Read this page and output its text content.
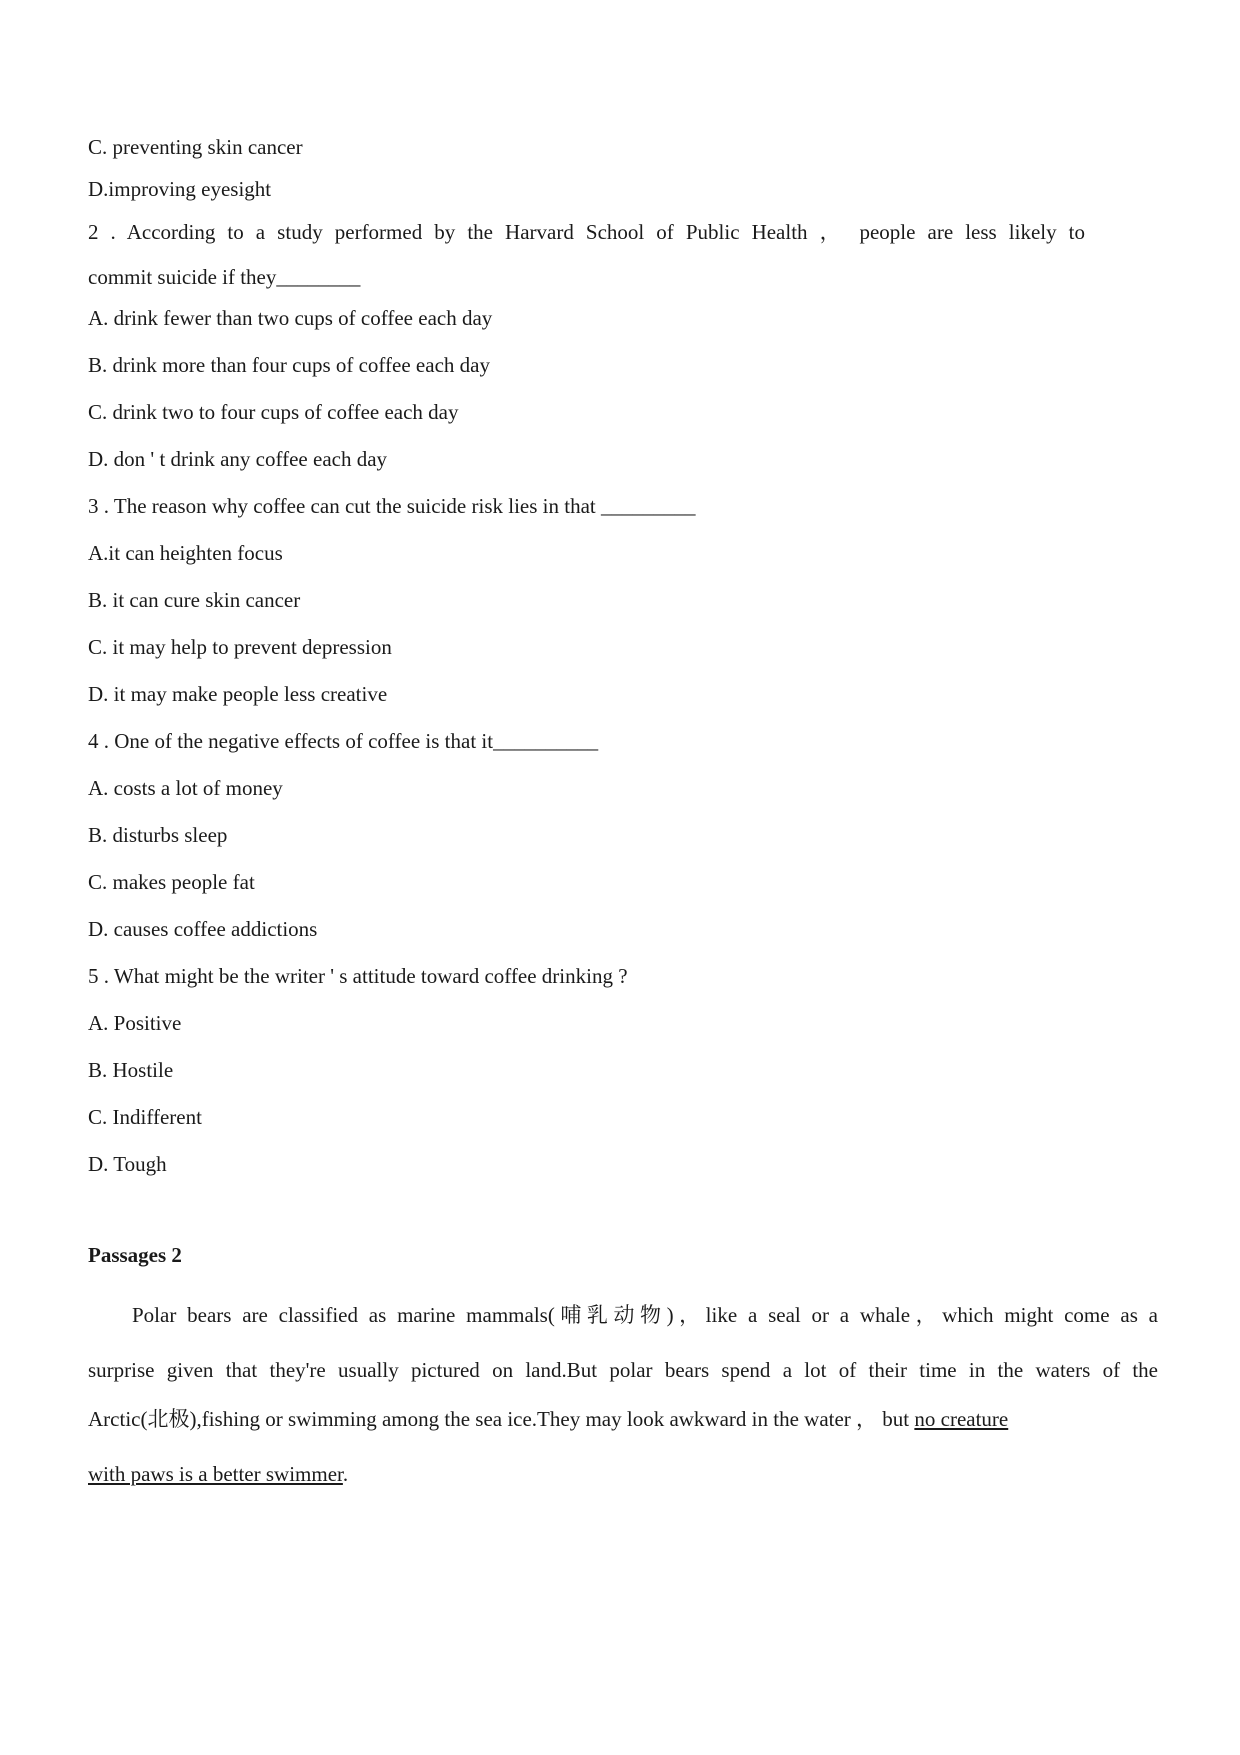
C. preventing skin cancer
D.improving eyesight
2 . According to a study performed by the Harvard School of Public Health ， people are less likely to
commit suicide if they________
A. drink fewer than two cups of coffee each day
B. drink more than four cups of coffee each day
C. drink two to four cups of coffee each day
D. don ' t drink any coffee each day
3 . The reason why coffee can cut the suicide risk lies in that _________
A.it can heighten focus
B. it can cure skin cancer
C. it may help to prevent depression
D. it may make people less creative
4 . One of the negative effects of coffee is that it__________
A. costs a lot of money
B. disturbs sleep
C. makes people fat
D. causes coffee addictions
5 . What might be the writer ' s attitude toward coffee drinking ?
A. Positive
B. Hostile
C. Indifferent
D. Tough
Passages 2
Polar bears are classified as marine mammals(哺乳动物)，like a seal or a whale，which might come as a
surprise given that they're usually pictured on land.But polar bears spend a lot of their time in the waters of the
Arctic(北极),fishing or swimming among the sea ice.They may look awkward in the water ， but no creature
with paws is a better swimmer.
